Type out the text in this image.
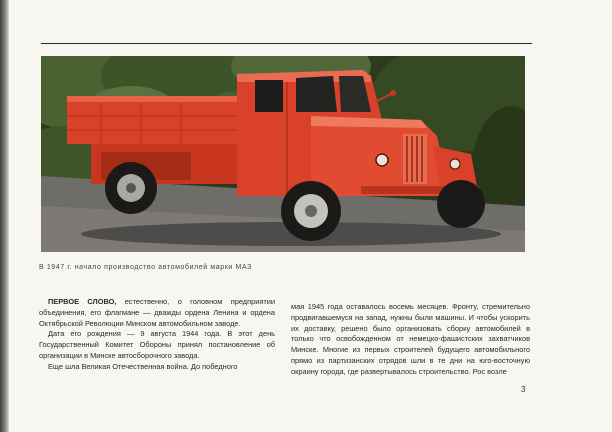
В 1947 г. начало производство автомобилей марки МАЗ

ПЕРВОЕ СЛОВО, естественно, о головном предприятии объединения, его флагмане — дважды ордена Ленина и ордена Октябрьской Революции Минском автомобильном заводе.

Дата его рождения — 9 августа 1944 года. В этот день Государственный Комитет Обороны принял постановление об организации в Минске автосборочного завода.

Еще шла Великая Отечественная война. До победного

мая 1945 года оставалось восемь месяцев. Фронту, стремительно продвигавшемуся на запад, нужны были машины. И чтобы ускорить их доставку, решено было организовать сборку автомобилей в только что освобожденном от немецко-фашистских захватчиков Минске. Многие из первых строителей будущего автомобильного прямо из партизанских отрядов шли в те дни на юго-восточную окраину города, где развертывалось строительство. Рос возле

3
